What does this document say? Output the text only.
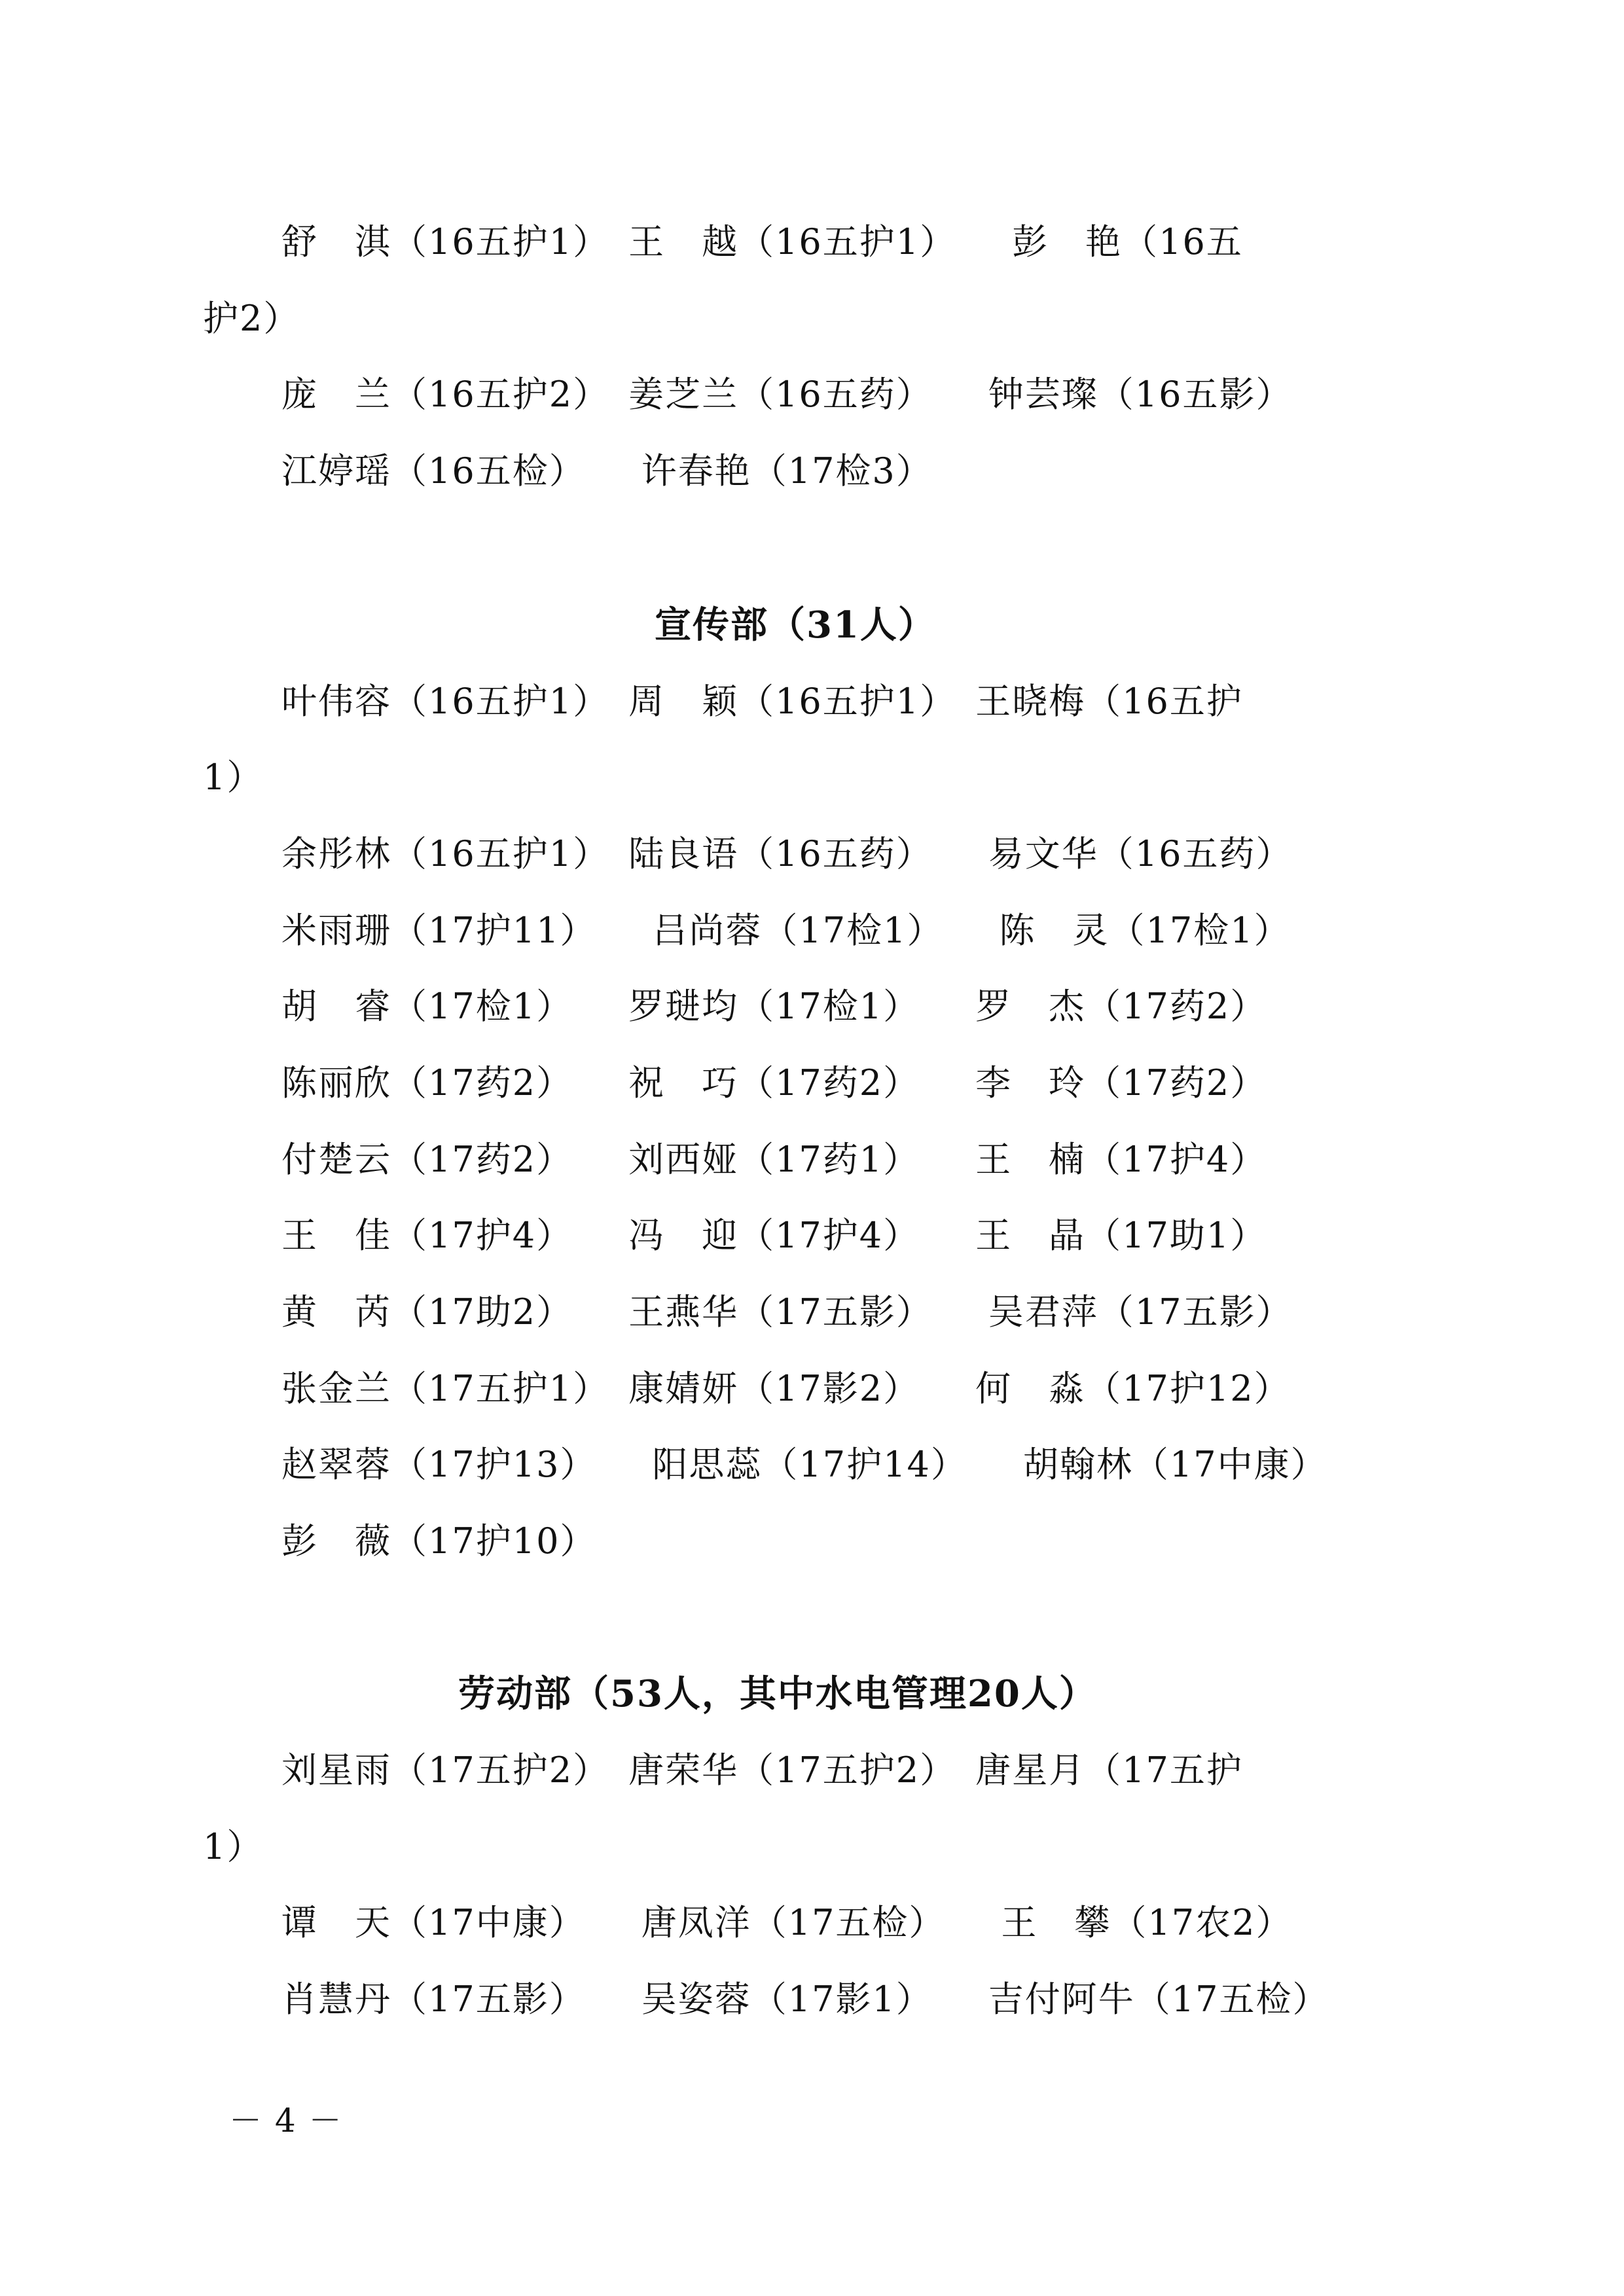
舒　淇（16五护1）　王　越（16五护1）　　彭　艳（16五
护2）
庞　兰（16五护2）　姜芝兰（16五药）　　钟芸璨（16五影）
江婷瑶（16五检）　　许春艳（17检3）
宣传部（31人）
叶伟容（16五护1）　周　颖（16五护1）　王晓梅（16五护
1）
余彤林（16五护1）　陆良语（16五药）　　易文华（16五药）
米雨珊（17护11）　　吕尚蓉（17检1）　　陈　灵（17检1）
胡　睿（17检1）　　罗琎均（17检1）　　罗　杰（17药2）
陈丽欣（17药2）　　祝　巧（17药2）　　李　玲（17药2）
付楚云（17药2）　　刘西娅（17药1）　　王　楠（17护4）
王　佳（17护4）　　冯　迎（17护4）　　王　晶（17助1）
黄　芮（17助2）　　王燕华（17五影）　　吴君萍（17五影）
张金兰（17五护1）　康婧妍（17影2）　　何　淼（17护12）
赵翠蓉（17护13）　　阳思蕊（17护14）　　胡翰林（17中康）
彭　薇（17护10）
劳动部（53人，其中水电管理20人）
刘星雨（17五护2）　唐荣华（17五护2）　唐星月（17五护
1）
谭　天（17中康）　　唐凤洋（17五检）　　王　攀（17农2）
肖慧丹（17五影）　　吴姿蓉（17影1）　　吉付阿牛（17五检）
－ 4 －
